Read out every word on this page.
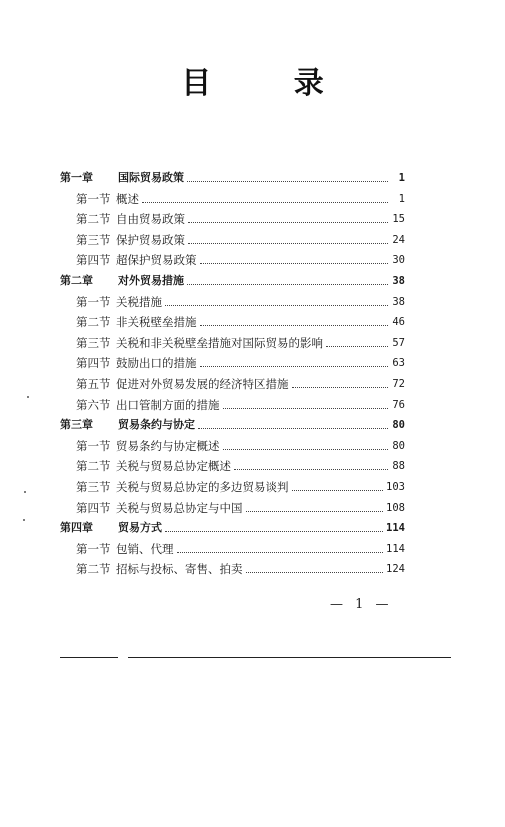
目 录
第一章 国际贸易政策	1
第一节 概述	1
第二节 自由贸易政策	15
第三节 保护贸易政策	24
第四节 超保护贸易政策	30
第二章 对外贸易措施	38
第一节 关税措施	38
第二节 非关税壁垒措施	46
第三节 关税和非关税壁垒措施对国际贸易的影响	57
第四节 鼓励出口的措施	63
第五节 促进对外贸易发展的经济特区措施	72
第六节 出口管制方面的措施	76
第三章 贸易条约与协定	80
第一节 贸易条约与协定概述	80
第二节 关税与贸易总协定概述	88
第三节 关税与贸易总协定的多边贸易谈判	103
第四节 关税与贸易总协定与中国	108
第四章 贸易方式	114
第一节 包销、代理	114
第二节 招标与投标、寄售、拍卖	124
— 1 —
